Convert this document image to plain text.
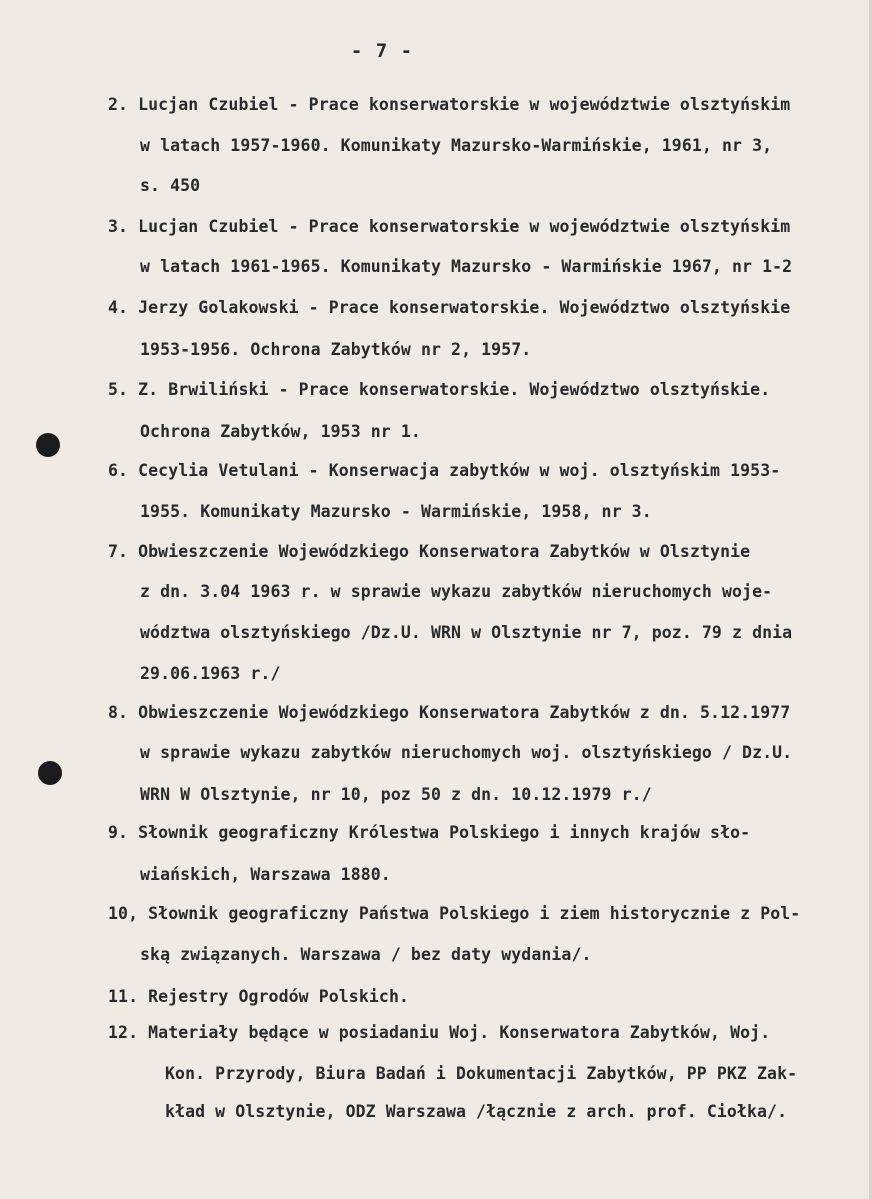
- 7 -
2. Lucjan Czubiel - Prace konserwatorskie w województwie olsztyńskim
w latach 1957-1960. Komunikaty Mazursko-Warmińskie, 1961, nr 3,
s. 450
3. Lucjan Czubiel - Prace konserwatorskie w województwie olsztyńskim
w latach 1961-1965. Komunikaty Mazursko - Warmińskie 1967, nr 1-2
4. Jerzy Golakowski - Prace konserwatorskie. Województwo olsztyńskie
1953-1956. Ochrona Zabytków nr 2, 1957.
5. Z. Brwiliński - Prace konserwatorskie. Województwo olsztyńskie.
Ochrona Zabytków, 1953 nr 1.
6. Cecylia Vetulani - Konserwacja zabytków w woj. olsztyńskim 1953-
1955. Komunikaty Mazursko - Warmińskie, 1958, nr 3.
7. Obwieszczenie Wojewódzkiego Konserwatora Zabytków w Olsztynie
z dn. 3.04 1963 r. w sprawie wykazu zabytków nieruchomych woje-
wództwa olsztyńskiego /Dz.U. WRN w Olsztynie nr 7, poz. 79 z dnia
29.06.1963 r./
8. Obwieszczenie Wojewódzkiego Konserwatora Zabytków z dn. 5.12.1977
w sprawie wykazu zabytków nieruchomych woj. olsztyńskiego / Dz.U.
WRN W Olsztynie, nr 10, poz 50 z dn. 10.12.1979 r./
9. Słownik geograficzny Królestwa Polskiego i innych krajów sło-
wiańskich, Warszawa 1880.
10, Słownik geograficzny Państwa Polskiego i ziem historycznie z Pol-
ską związanych. Warszawa / bez daty wydania/.
11. Rejestry Ogrodów Polskich.
12. Materiały będące w posiadaniu Woj. Konserwatora Zabytków, Woj.
Kon. Przyrody, Biura Badań i Dokumentacji Zabytków, PP PKZ Zak-
kład w Olsztynie, ODZ Warszawa /łącznie z arch. prof. Ciołka/.
